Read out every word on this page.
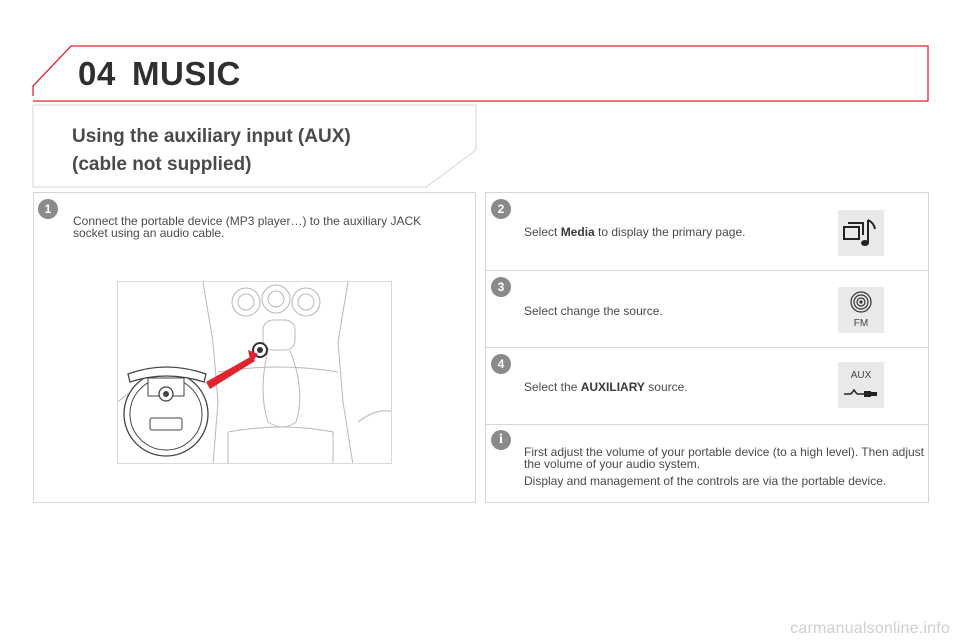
04 MUSIC
Using the auxiliary input (AUX)
(cable not supplied)
1
Connect the portable device (MP3 player…) to the auxiliary JACK socket using an audio cable.
2
Select Media to display the primary page.
3
Select change the source.
FM
4
Select the AUXILIARY source.
AUX
i
First adjust the volume of your portable device (to a high level). Then adjust the volume of your audio system.
Display and management of the controls are via the portable device.
carmanualsonline.info
